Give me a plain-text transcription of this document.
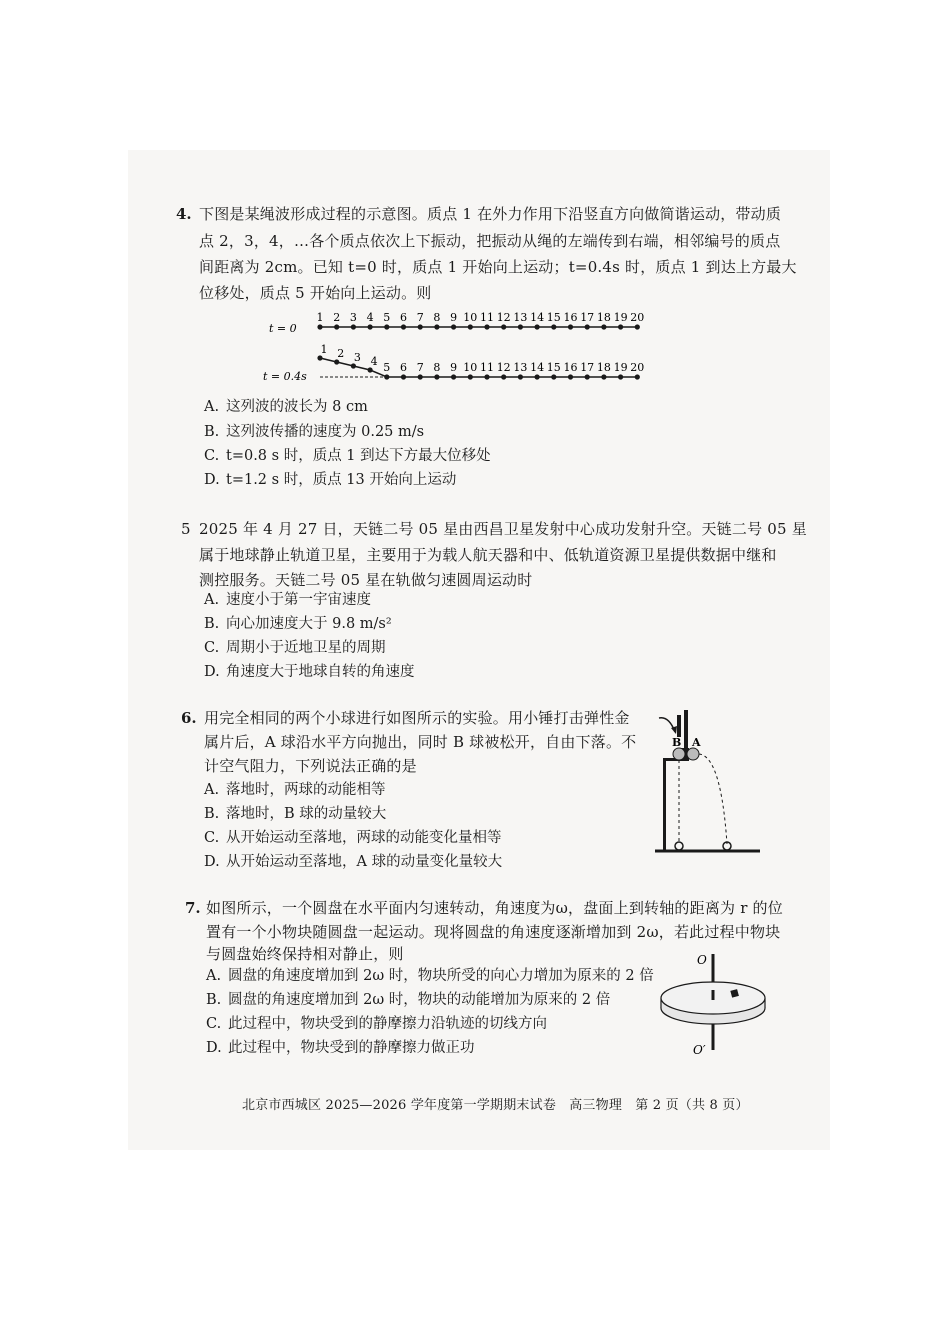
4. 下图是某绳波形成过程的示意图。质点 1 在外力作用下沿竖直方向做简谐运动，带动质
点 2，3，4，…各个质点依次上下振动，把振动从绳的左端传到右端，相邻编号的质点
间距离为 2cm。已知 t=0 时，质点 1 开始向上运动；t=0.4s 时，质点 1 到达上方最大
位移处，质点 5 开始向上运动。则
1 2 3 4 5 6 7 8 9 10 11 12 13 14 15 16 17 18 19 20
1 2 3 4 5 6 7 8 9 10 11 12 13 14 15 16 17 18 19 20
t = 0
t = 0.4s
A. 这列波的波长为 8 cm
B. 这列波传播的速度为 0.25 m/s
C. t=0.8 s 时，质点 1 到达下方最大位移处
D. t=1.2 s 时，质点 13 开始向上运动
5 2025 年 4 月 27 日，天链二号 05 星由西昌卫星发射中心成功发射升空。天链二号 05 星
属于地球静止轨道卫星，主要用于为载人航天器和中、低轨道资源卫星提供数据中继和
测控服务。天链二号 05 星在轨做匀速圆周运动时
A. 速度小于第一宇宙速度
B. 向心加速度大于 9.8 m/s²
C. 周期小于近地卫星的周期
D. 角速度大于地球自转的角速度
6. 用完全相同的两个小球进行如图所示的实验。用小锤打击弹性金
属片后，A 球沿水平方向抛出，同时 B 球被松开，自由下落。不
计空气阻力，下列说法正确的是
A. 落地时，两球的动能相等
B. 落地时，B 球的动量较大
C. 从开始运动至落地，两球的动能变化量相等
D. 从开始运动至落地，A 球的动量变化量较大
B A
7. 如图所示，一个圆盘在水平面内匀速转动，角速度为ω，盘面上到转轴的距离为 r 的位
置有一个小物块随圆盘一起运动。现将圆盘的角速度逐渐增加到 2ω，若此过程中物块
与圆盘始终保持相对静止，则
A. 圆盘的角速度增加到 2ω 时，物块所受的向心力增加为原来的 2 倍
B. 圆盘的角速度增加到 2ω 时，物块的动能增加为原来的 2 倍
C. 此过程中，物块受到的静摩擦力沿轨迹的切线方向
D. 此过程中，物块受到的静摩擦力做正功
O
O′
北京市西城区 2025—2026 学年度第一学期期末试卷　高三物理　第 2 页（共 8 页）
